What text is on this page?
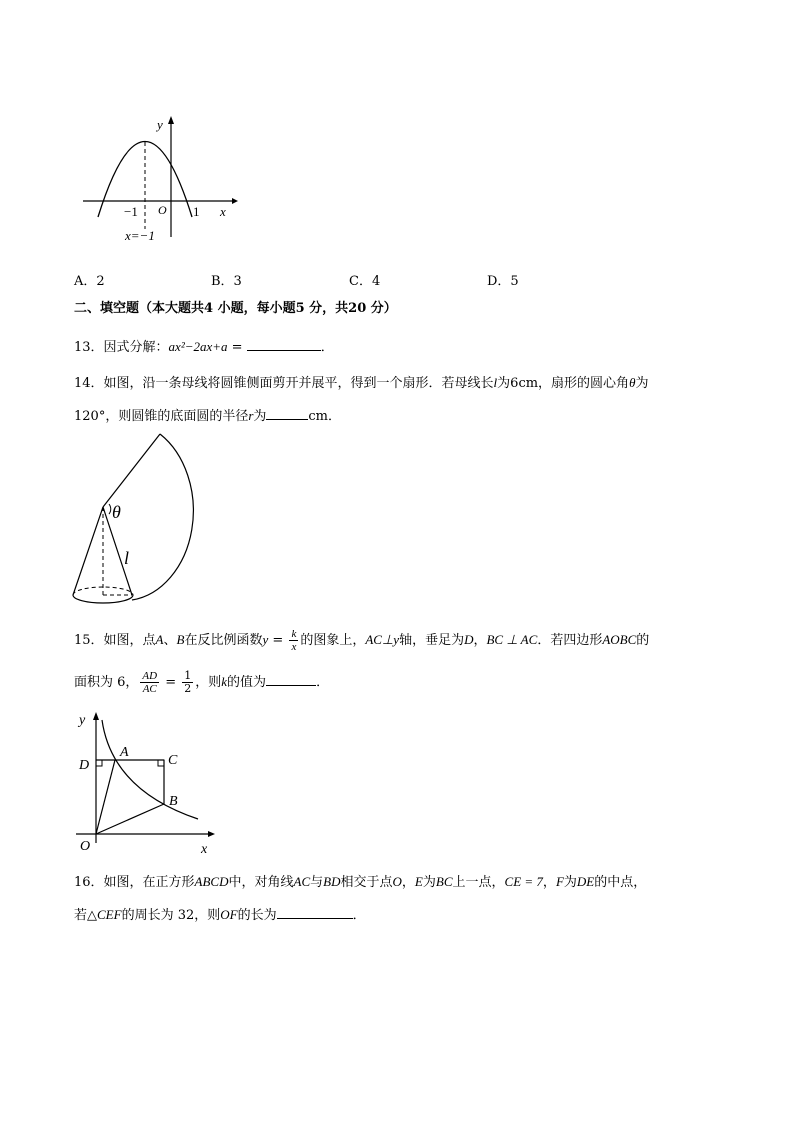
y
x
O
−1	1
x=−1
A．2	B．3	C．4	D．5
二、填空题（本大题共4 小题，每小题5 分，共20 分）
13．因式分解：ax²−2ax+a =	．
14．如图，沿一条母线将圆锥侧面剪开并展平，得到一个扇形．若母线长l为6cm，扇形的圆心角θ为
120°，则圆锥的底面圆的半径r为	cm．
θ
l
15．如图，点A、B在反比例函数$y = \frac{k}{x}$ 的图象上，AC⊥y轴，垂足为D，BC ⊥ AC．若四边形AOBC的
面积为 6， $\frac{AD}{AC} = \frac{1}{2}$ ，则k的值为	．
y
x
O
A
B
C
D
16．如图，在正方形ABCD中，对角线AC与BD相交于点O，E为BC上一点，CE = 7，F为DE的中点，
若△CEF的周长为 32，则OF的长为	．
